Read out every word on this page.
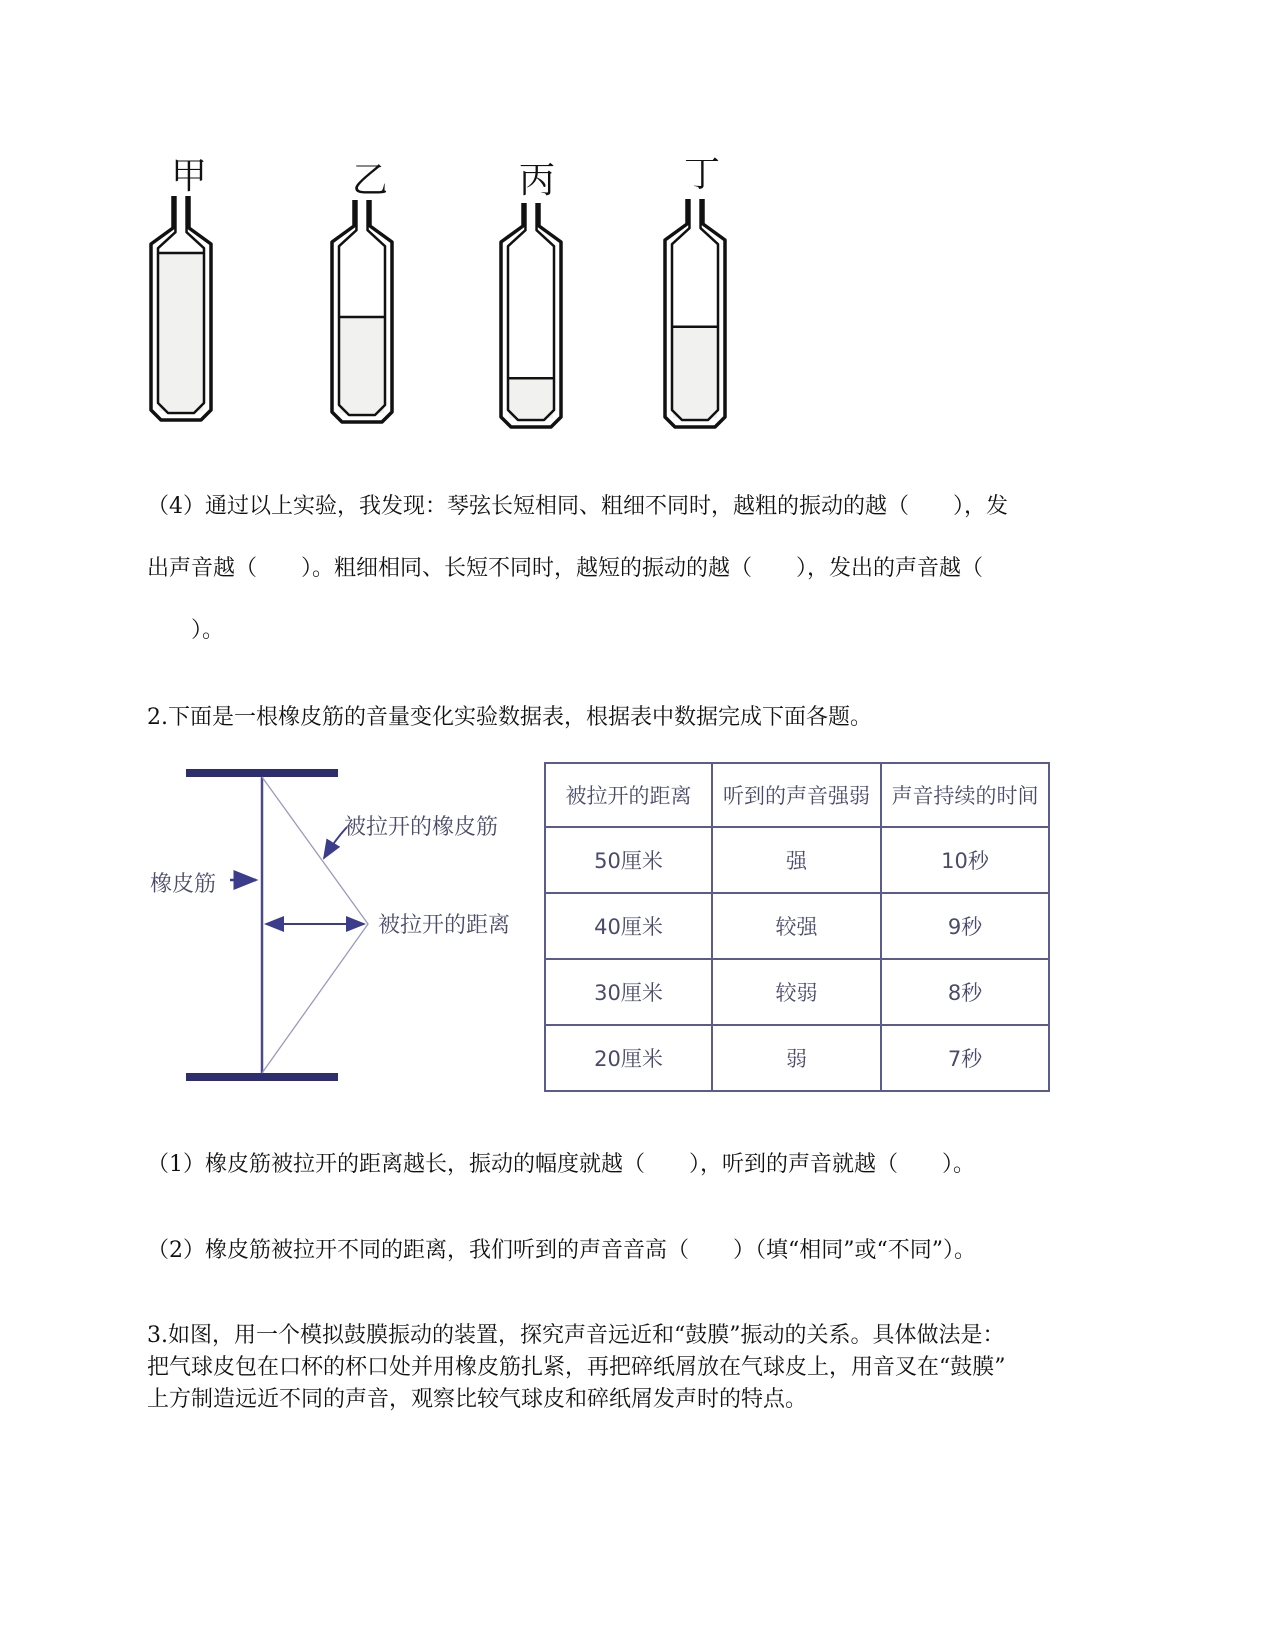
甲	乙	丙	丁
（4）通过以上实验，我发现：琴弦长短相同、粗细不同时，越粗的振动的越（　　），发
出声音越（　　）。粗细相同、长短不同时，越短的振动的越（　　），发出的声音越（
　　）。
2.下面是一根橡皮筋的音量变化实验数据表，根据表中数据完成下面各题。
橡皮筋
被拉开的橡皮筋
被拉开的距离
被拉开的距离	听到的声音强弱	声音持续的时间
50厘米	强	10秒
40厘米	较强	9秒
30厘米	较弱	8秒
20厘米	弱	7秒
（1）橡皮筋被拉开的距离越长，振动的幅度就越（　　），听到的声音就越（　　）。
（2）橡皮筋被拉开不同的距离，我们听到的声音音高（　　）（填“相同”或“不同”）。
3.如图，用一个模拟鼓膜振动的装置，探究声音远近和“鼓膜”振动的关系。具体做法是：
把气球皮包在口杯的杯口处并用橡皮筋扎紧，再把碎纸屑放在气球皮上，用音叉在“鼓膜”
上方制造远近不同的声音，观察比较气球皮和碎纸屑发声时的特点。
